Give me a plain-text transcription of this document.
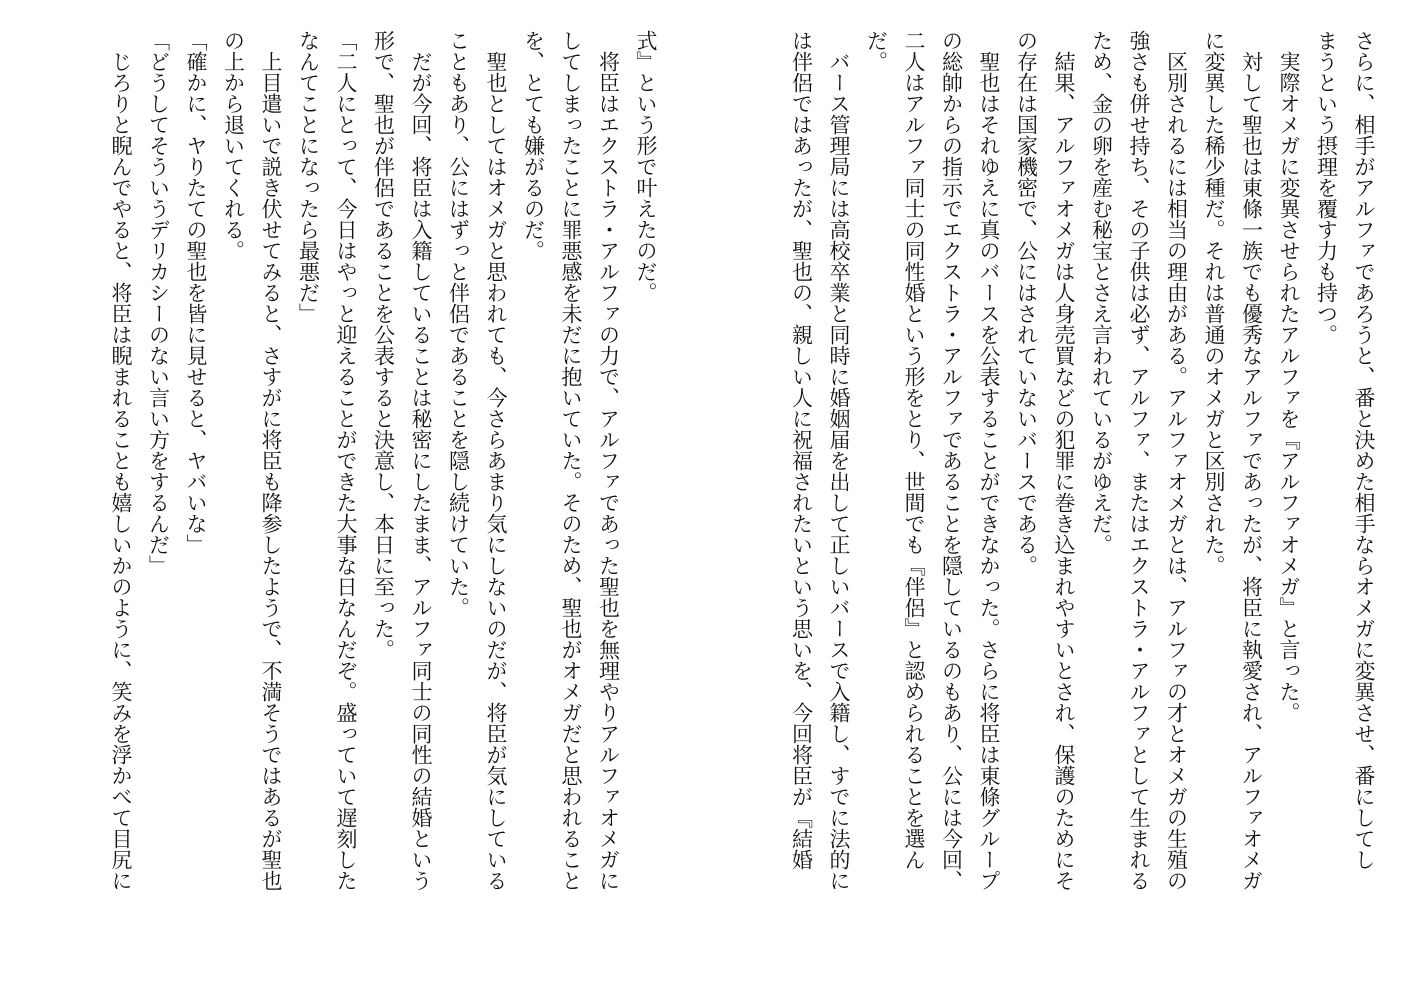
さらに、相手がアルファであろうと、番と決めた相手ならオメガに変異させ、番にしてし
まうという摂理を覆す力も持つ。
実際オメガに変異させられたアルファを『アルファオメガ』と言った。
対して聖也は東條一族でも優秀なアルファであったが、将臣に執愛され、アルファオメガ
に変異した稀少種だ。それは普通のオメガと区別された。
区別されるには相当の理由がある。アルファオメガとは、アルファの才とオメガの生殖の
強さも併せ持ち、その子供は必ず、アルファ、またはエクストラ・アルファとして生まれる
ため、金の卵を産む秘宝とさえ言われているがゆえだ。
結果、アルファオメガは人身売買などの犯罪に巻き込まれやすいとされ、保護のためにそ
の存在は国家機密で、公にはされていないバースである。
聖也はそれゆえに真のバースを公表することができなかった。さらに将臣は東條グループ
の総帥からの指示でエクストラ・アルファであることを隠しているのもあり、公には今回、
二人はアルファ同士の同性婚という形をとり、世間でも『伴侶』と認められることを選ん
だ。
バース管理局には高校卒業と同時に婚姻届を出して正しいバースで入籍し、すでに法的に
は伴侶ではあったが、聖也の、親しい人に祝福されたいという思いを、今回将臣が『結婚
式』という形で叶えたのだ。
将臣はエクストラ・アルファの力で、アルファであった聖也を無理やりアルファオメガに
してしまったことに罪悪感を未だに抱いていた。そのため、聖也がオメガだと思われること
を、とても嫌がるのだ。
聖也としてはオメガと思われても、今さらあまり気にしないのだが、将臣が気にしている
こともあり、公にはずっと伴侶であることを隠し続けていた。
だが今回、将臣は入籍していることは秘密にしたまま、アルファ同士の同性の結婚という
形で、聖也が伴侶であることを公表すると決意し、本日に至った。
「二人にとって、今日はやっと迎えることができた大事な日なんだぞ。盛っていて遅刻した
なんてことになったら最悪だ」
上目遣いで説き伏せてみると、さすがに将臣も降参したようで、不満そうではあるが聖也
の上から退いてくれる。
「確かに、ヤりたての聖也を皆に見せると、ヤバいな」
「どうしてそういうデリカシーのない言い方をするんだ」
じろりと睨んでやると、将臣は睨まれることも嬉しいかのように、笑みを浮かべて目尻に
